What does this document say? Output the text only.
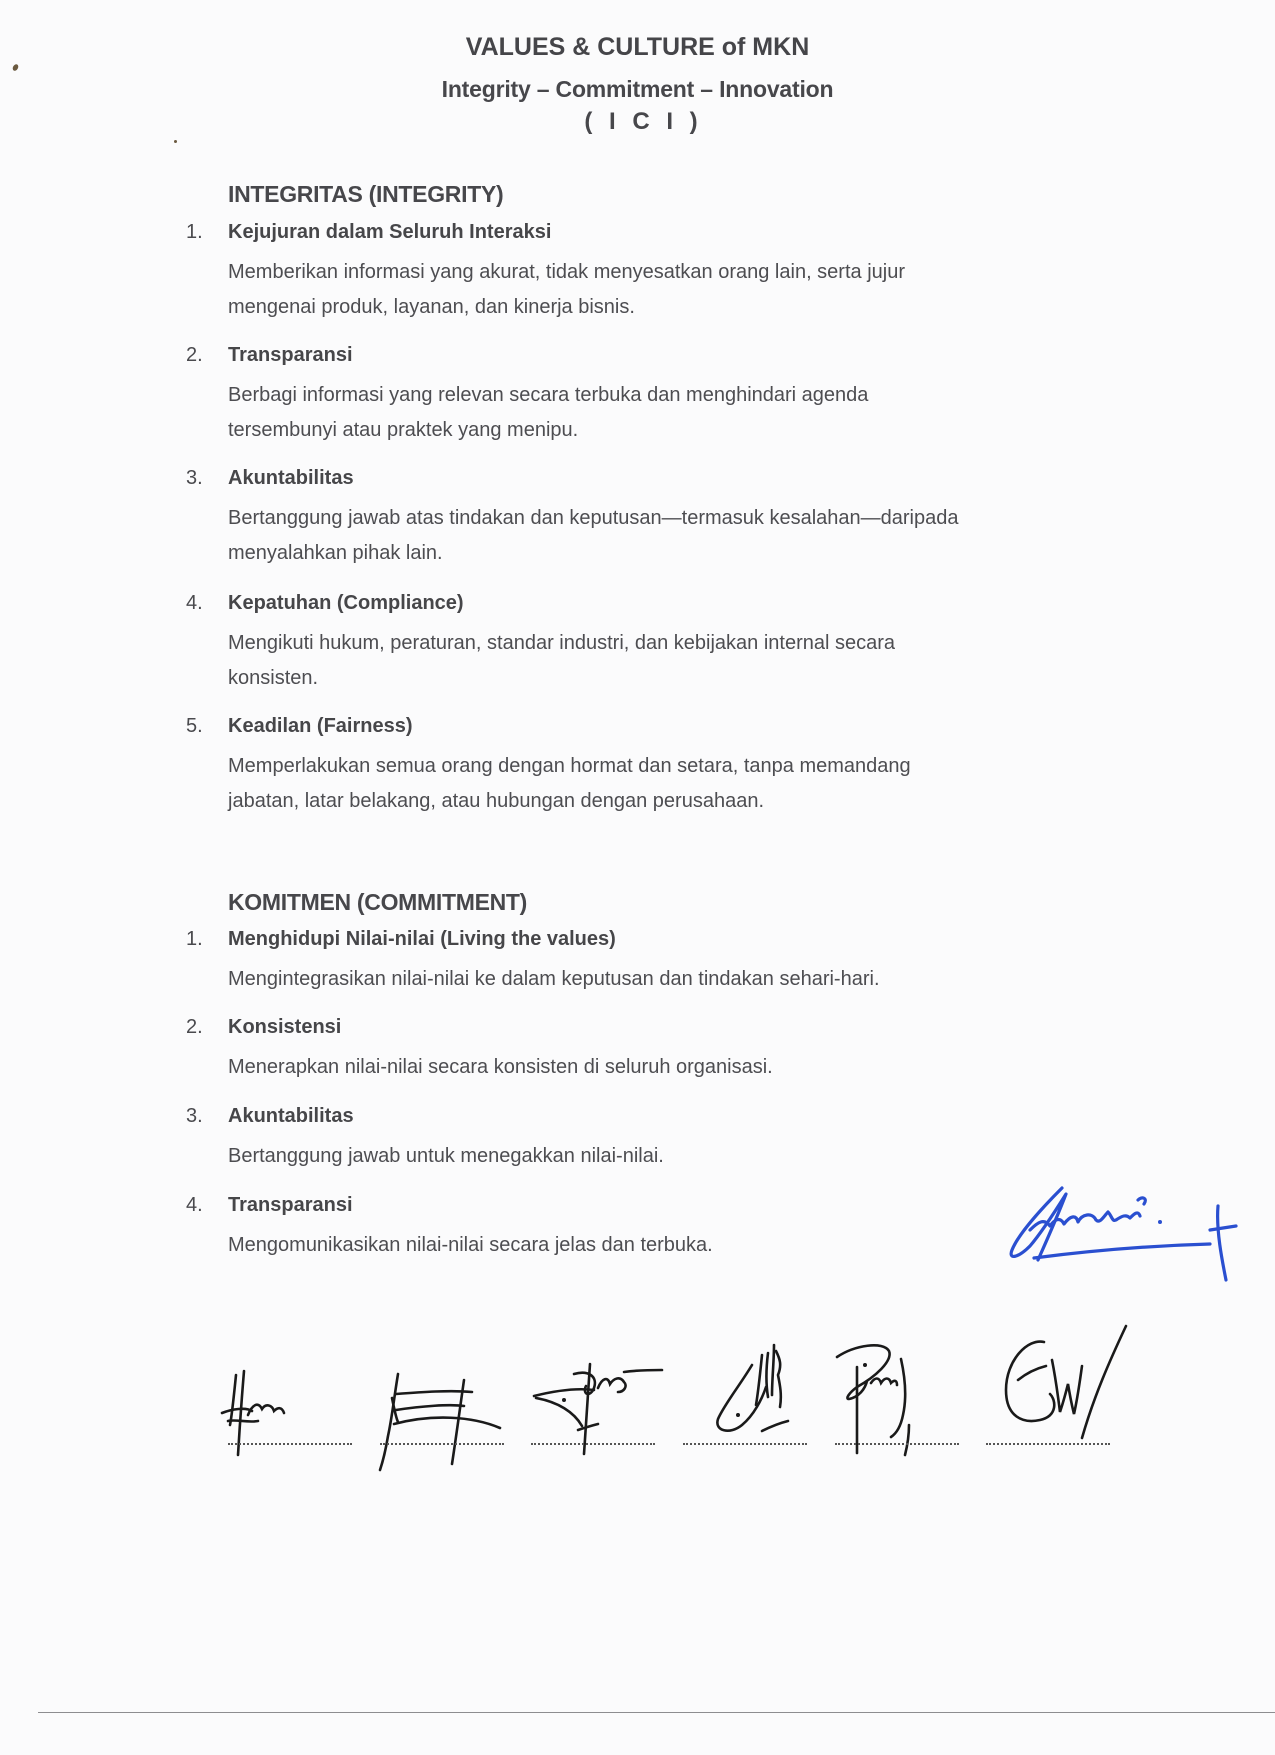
VALUES & CULTURE of MKN
Integrity – Commitment – Innovation
( I C I )
INTEGRITAS (INTEGRITY)
1. Kejujuran dalam Seluruh Interaksi
Memberikan informasi yang akurat, tidak menyesatkan orang lain, serta jujur
mengenai produk, layanan, dan kinerja bisnis.
2. Transparansi
Berbagi informasi yang relevan secara terbuka dan menghindari agenda
tersembunyi atau praktek yang menipu.
3. Akuntabilitas
Bertanggung jawab atas tindakan dan keputusan—termasuk kesalahan—daripada
menyalahkan pihak lain.
4. Kepatuhan (Compliance)
Mengikuti hukum, peraturan, standar industri, dan kebijakan internal secara
konsisten.
5. Keadilan (Fairness)
Memperlakukan semua orang dengan hormat dan setara, tanpa memandang
jabatan, latar belakang, atau hubungan dengan perusahaan.
KOMITMEN (COMMITMENT)
1. Menghidupi Nilai-nilai (Living the values)
Mengintegrasikan nilai-nilai ke dalam keputusan dan tindakan sehari-hari.
2. Konsistensi
Menerapkan nilai-nilai secara konsisten di seluruh organisasi.
3. Akuntabilitas
Bertanggung jawab untuk menegakkan nilai-nilai.
4. Transparansi
Mengomunikasikan nilai-nilai secara jelas dan terbuka.
